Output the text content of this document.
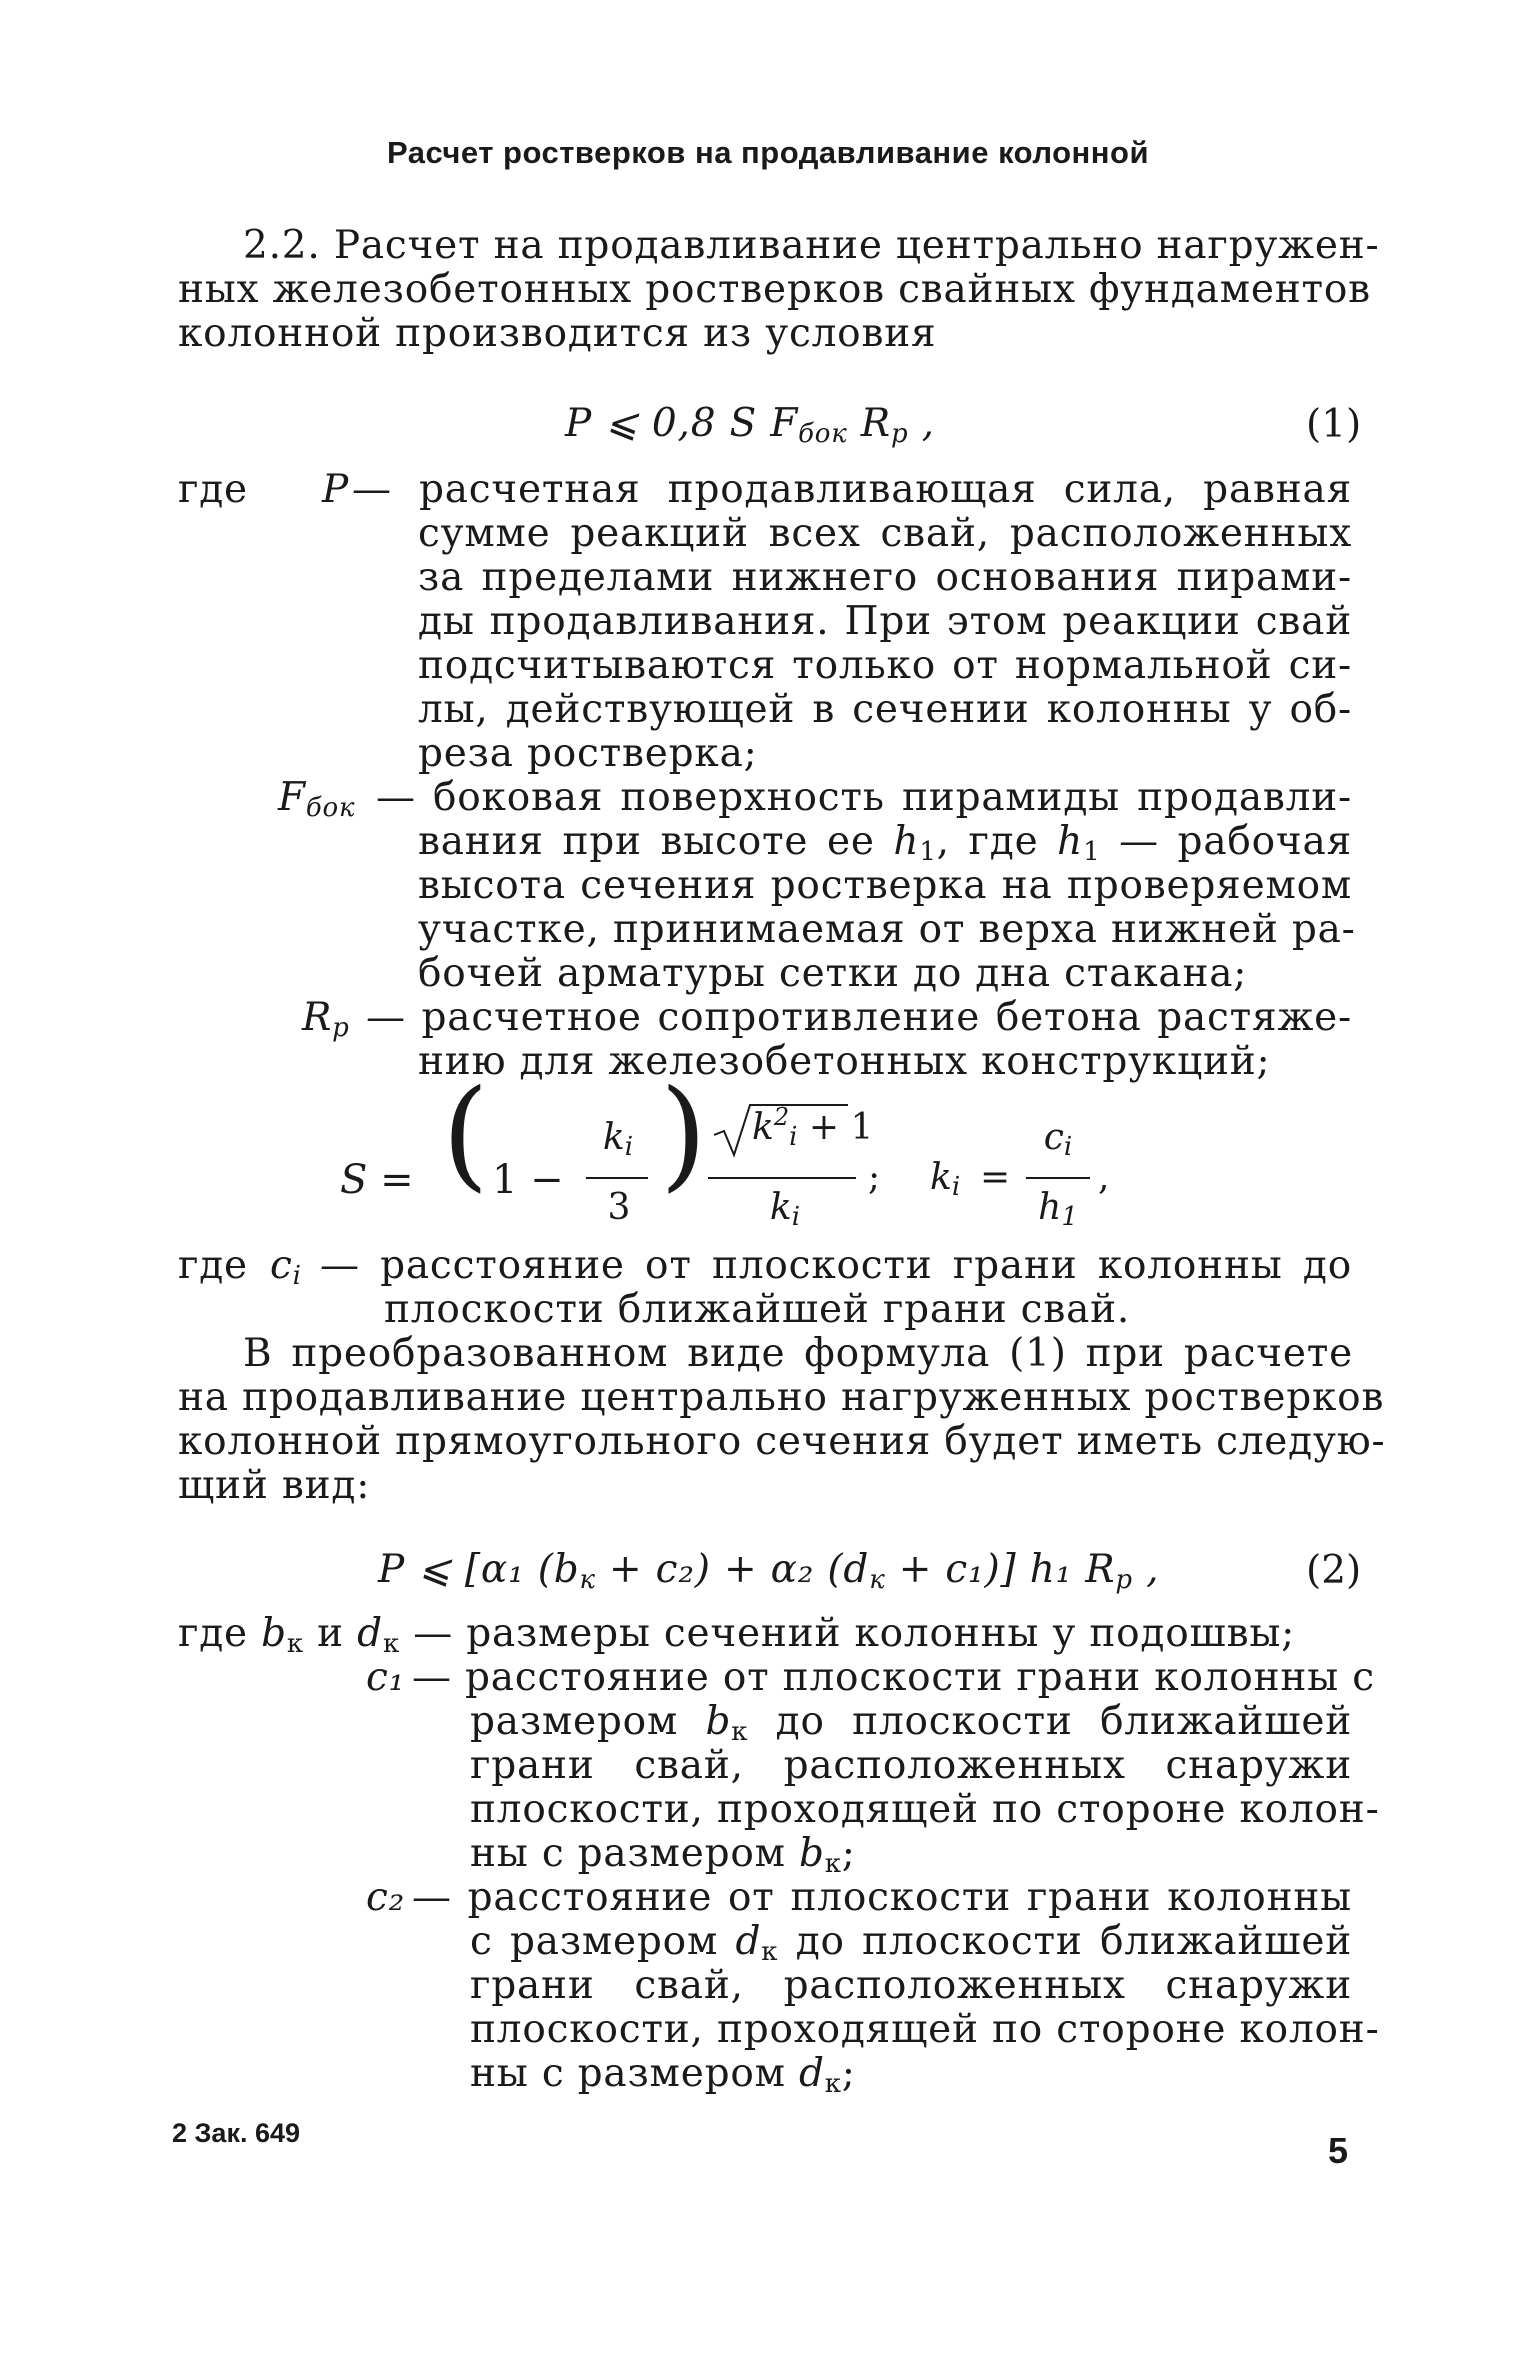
Расчет ростверков на продавливание колонной
2.2. Расчет на продавливание центрально нагружен-
ных железобетонных ростверков свайных фундаментов
колонной производится из условия
P ⩽ 0,8 S $F_{бок}$ $R_р$ ,	(1)
где P — расчетная продавливающая сила, равная
сумме реакций всех свай, расположенных
за пределами нижнего основания пирами-
ды продавливания. При этом реакции свай
подсчитываются только от нормальной си-
лы, действующей в сечении колонны у об-
реза ростверка;
$F_{бок}$ — боковая поверхность пирамиды продавли-
вания при высоте ее $h_1$, где $h_1$ — рабочая
высота сечения ростверка на проверяемом
участке, принимаемая от верха нижней ра-
бочей арматуры сетки до дна стакана;
$R_р$ — расчетное сопротивление бетона растяже-
нию для железобетонных конструкций;
S = ( 1 −
$k_i$
3
) $k^2_i + 1$
$k_i$
; $k_i$ =
$c_i$
$h_1$
,
где $c_i$ — расстояние от плоскости грани колонны до
плоскости ближайшей грани свай.
В преобразованном виде формула (1) при расчете
на продавливание центрально нагруженных ростверков
колонной прямоугольного сечения будет иметь следую-
щий вид:
P ⩽ [α₁ $(b_к + c_2) + \alpha_2$ $(d_к + c_1)$] h₁ $R_р$ ,	(2)
где $b_к$ и $d_к$ — размеры сечений колонны у подошвы;
c₁ — расстояние от плоскости грани колонны с
размером $b_к$ до плоскости ближайшей
грани свай, расположенных снаружи
плоскости, проходящей по стороне колон-
ны с размером $b_к$;
c₂ — расстояние от плоскости грани колонны
с размером $d_к$ до плоскости ближайшей
грани свай, расположенных снаружи
плоскости, проходящей по стороне колон-
ны с размером $d_к$;
2 Зак. 649	5
